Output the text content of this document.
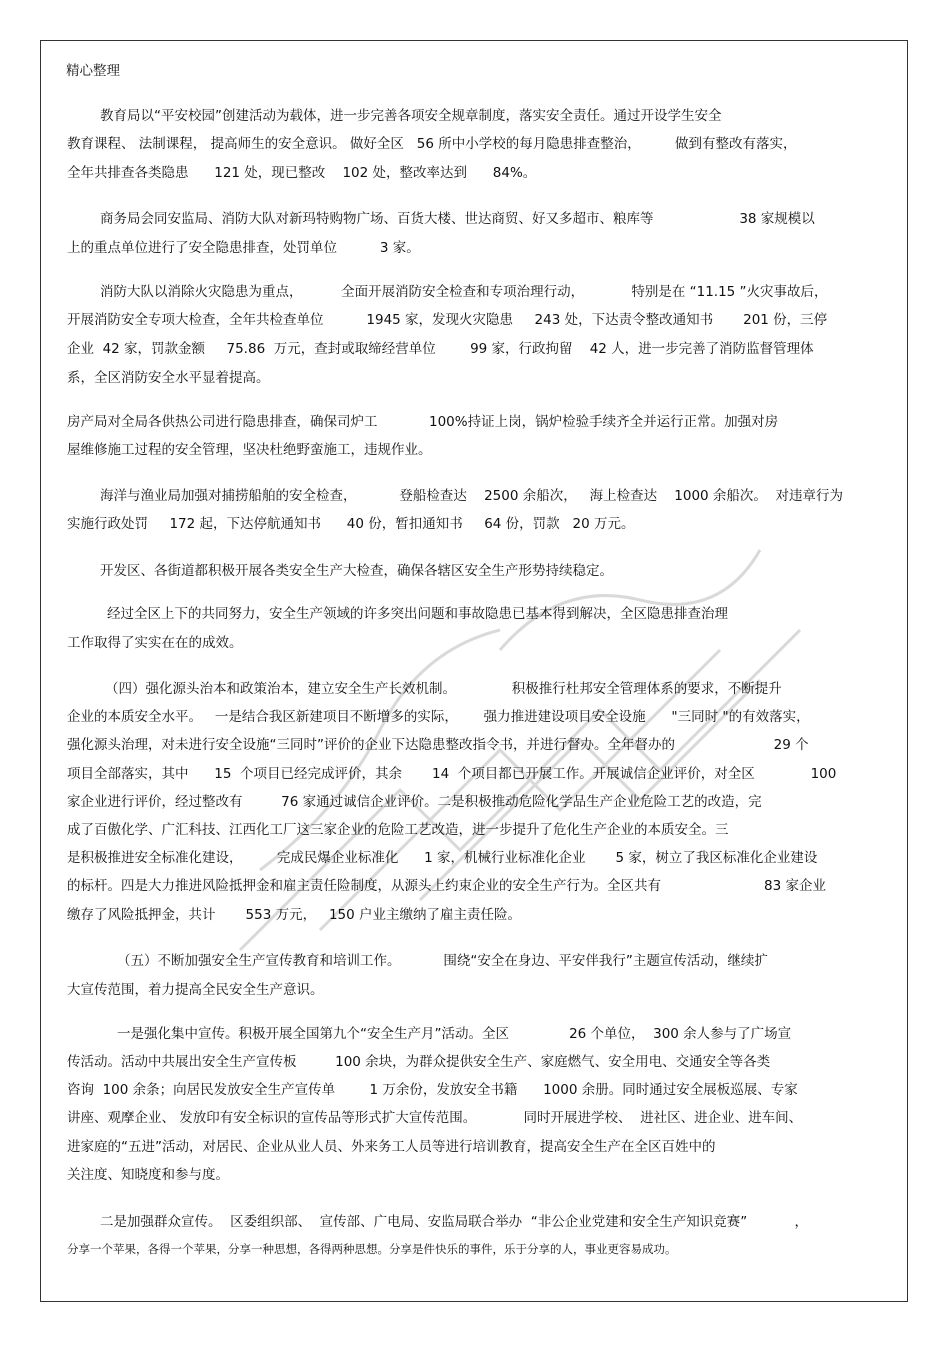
精心整理
教育局以“平安校园”创建活动为载体，进一步完善各项安全规章制度，落实安全责任。通过开设学生安全
教育课程、 法制课程， 提高师生的安全意识。 做好全区   56 所中小学校的每月隐患排查整治，        做到有整改有落实，
全年共排查各类隐患      121 处，现已整改    102 处，整改率达到      84%。
商务局会同安监局、消防大队对新玛特购物广场、百货大楼、世达商贸、好又多超市、粮库等                    38 家规模以
上的重点单位进行了安全隐患排查，处罚单位          3 家。
消防大队以消除火灾隐患为重点，         全面开展消防安全检查和专项治理行动，           特别是在 “11.15 ”火灾事故后，
开展消防安全专项大检查，全年共检查单位          1945 家，发现火灾隐患     243 处，下达责令整改通知书       201 份，三停
企业  42 家，罚款金额     75.86  万元，查封或取缔经营单位        99 家，行政拘留    42 人，进一步完善了消防监督管理体
系，全区消防安全水平显着提高。
房产局对全局各供热公司进行隐患排查，确保司炉工            100%持证上岗，锅炉检验手续齐全并运行正常。加强对房
屋维修施工过程的安全管理，坚决杜绝野蛮施工，违规作业。
海洋与渔业局加强对捕捞船舶的安全检查，          登船检查达    2500 余船次，   海上检查达    1000 余船次。  对违章行为
实施行政处罚     172 起，下达停航通知书      40 份，暂扣通知书     64 份，罚款   20 万元。
开发区、各街道都积极开展各类安全生产大检查，确保各辖区安全生产形势持续稳定。
经过全区上下的共同努力，安全生产领域的许多突出问题和事故隐患已基本得到解决，全区隐患排查治理
工作取得了实实在在的成效。
（四）强化源头治本和政策治本，建立安全生产长效机制。             积极推行杜邦安全管理体系的要求，不断提升
企业的本质安全水平。   一是结合我区新建项目不断增多的实际，      强力推进建设项目安全设施      "三同时 "的有效落实，
强化源头治理，对未进行安全设施“三同时”评价的企业下达隐患整改指令书，并进行督办。全年督办的                       29 个
项目全部落实，其中      15  个项目已经完成评价，其余       14  个项目都已开展工作。开展诚信企业评价，对全区             100
家企业进行评价，经过整改有         76 家通过诚信企业评价。二是积极推动危险化学品生产企业危险工艺的改造，完
成了百傲化学、广汇科技、江西化工厂这三家企业的危险工艺改造，进一步提升了危化生产企业的本质安全。三
是积极推进安全标准化建设，        完成民爆企业标准化      1 家，机械行业标准化企业       5 家，树立了我区标准化企业建设
的标杆。四是大力推进风险抵押金和雇主责任险制度，从源头上约束企业的安全生产行为。全区共有                        83 家企业
缴存了风险抵押金，共计       553 万元，   150 户业主缴纳了雇主责任险。
（五）不断加强安全生产宣传教育和培训工作。          围绕“安全在身边、平安伴我行”主题宣传活动，继续扩
大宣传范围，着力提高全民安全生产意识。
一是强化集中宣传。积极开展全国第九个“安全生产月”活动。全区              26 个单位，  300 余人参与了广场宣
传活动。活动中共展出安全生产宣传板         100 余块，为群众提供安全生产、家庭燃气、安全用电、交通安全等各类
咨询  100 余条；向居民发放安全生产宣传单        1 万余份，发放安全书籍      1000 余册。同时通过安全展板巡展、专家
讲座、观摩企业、 发放印有安全标识的宣传品等形式扩大宣传范围。           同时开展进学校、  进社区、进企业、进车间、
进家庭的“五进”活动，对居民、企业从业人员、外来务工人员等进行培训教育，提高安全生产在全区百姓中的
关注度、知晓度和参与度。
二是加强群众宣传。  区委组织部、  宣传部、广电局、安监局联合举办  “非公企业党建和安全生产知识竞赛”           ，
分享一个苹果，各得一个苹果，分享一种思想，各得两种思想。分享是件快乐的事件，乐于分享的人，事业更容易成功。
